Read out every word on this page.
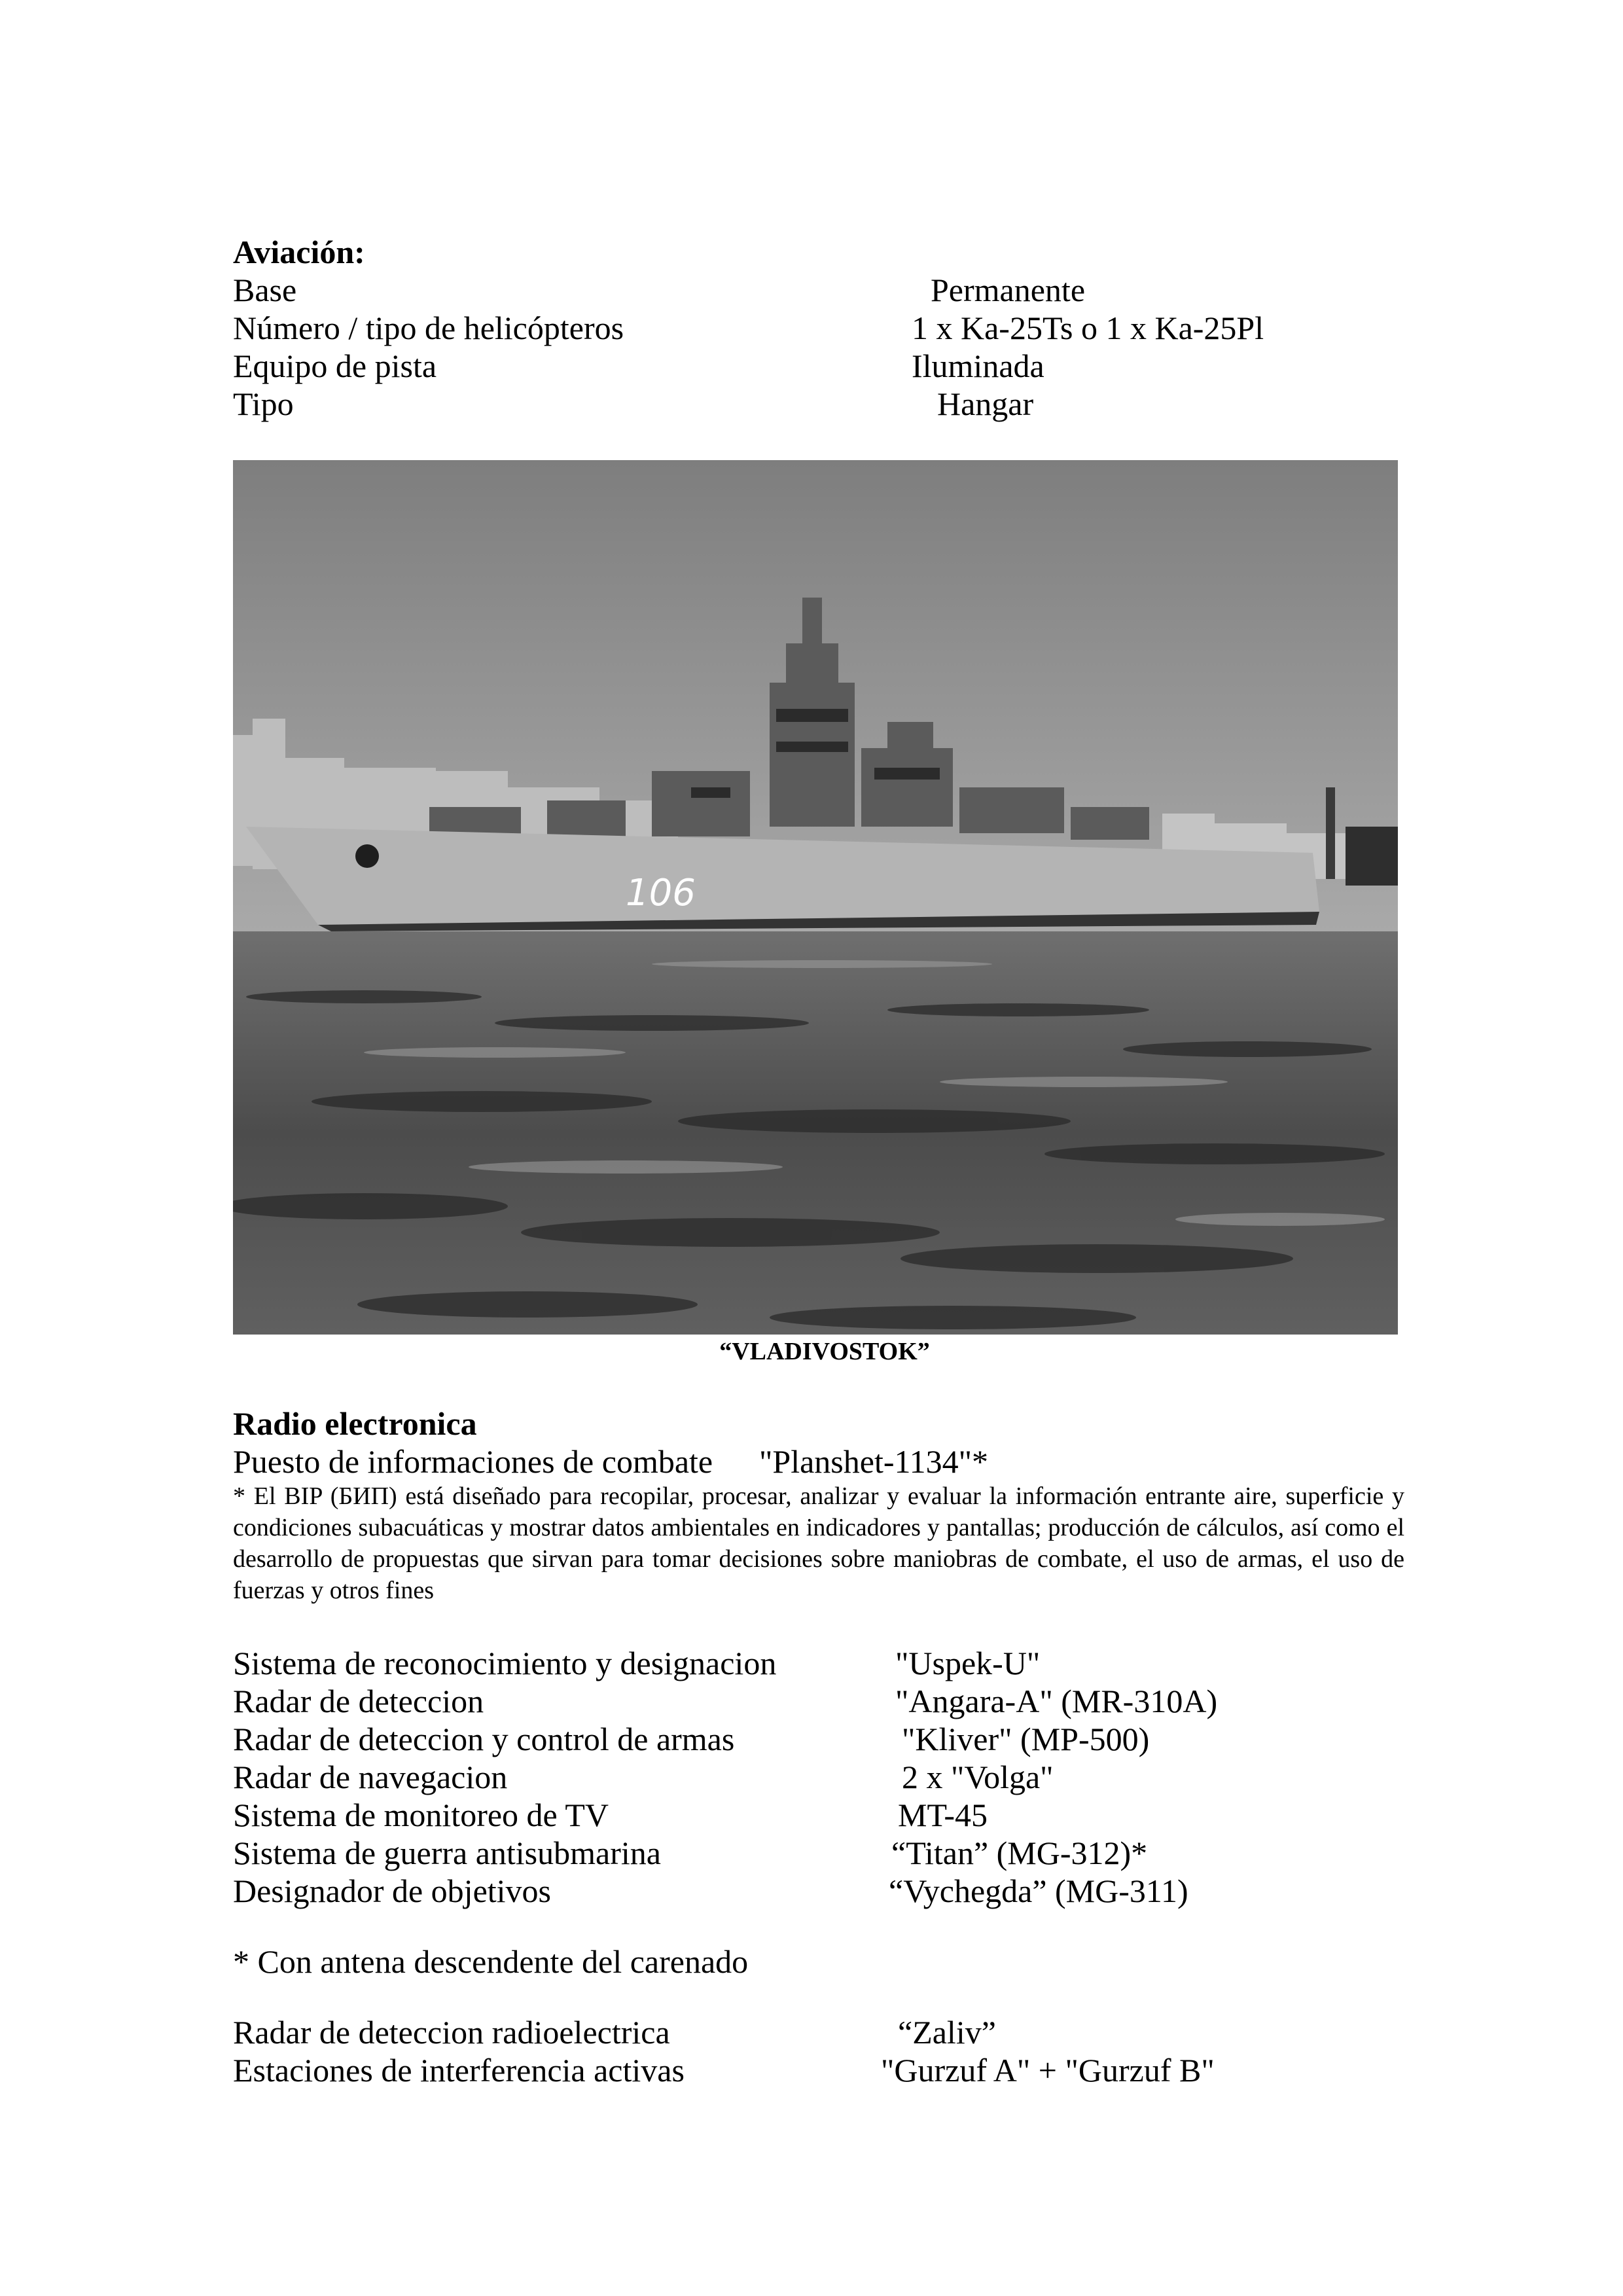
Aviación:
Base	Permanente
Número / tipo de helicópteros	1 x Ka-25Ts o 1 x Ka-25Pl
Equipo de pista	Iluminada
Tipo	Hangar
106
“VLADIVOSTOK”
Radio electronica
Puesto de informaciones de combate "Planshet-1134"*
* El BIP (БИП) está diseñado para recopilar, procesar, analizar y evaluar la información entrante aire, superficie y condiciones subacuáticas y mostrar datos ambientales en indicadores y pantallas; producción de cálculos, así como el desarrollo de propuestas que sirvan para tomar decisiones sobre maniobras de combate, el uso de armas, el uso de fuerzas y otros fines
Sistema de reconocimiento y designacion	"Uspek-U"
Radar de deteccion	"Angara-A" (MR-310A)
Radar de deteccion y control de armas	"Kliver" (MP-500)
Radar de navegacion	2 x "Volga"
Sistema de monitoreo de TV	MT-45
Sistema de guerra antisubmarina	“Titan” (MG-312)*
Designador de objetivos	“Vychegda” (MG-311)
* Con antena descendente del carenado
Radar de deteccion radioelectrica	“Zaliv”
Estaciones de interferencia activas	"Gurzuf A" + "Gurzuf B"
